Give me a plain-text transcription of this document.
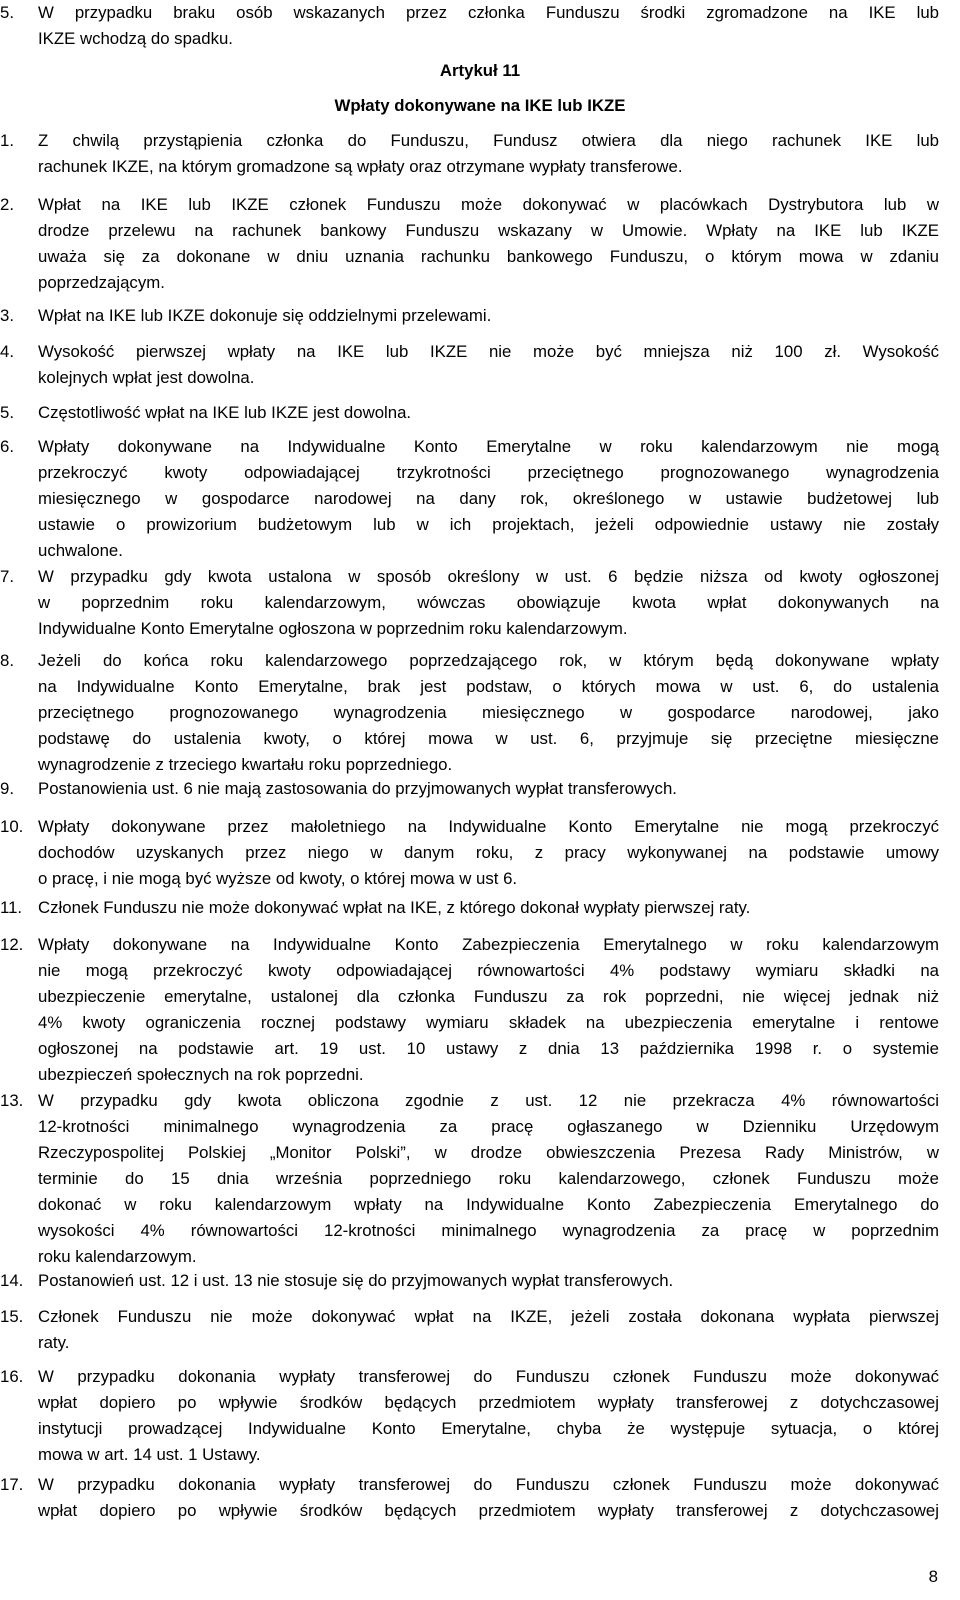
5.	W przypadku braku osób wskazanych przez członka Funduszu środki zgromadzone na IKE lub
IKZE wchodzą do spadku.
Artykuł 11
Wpłaty dokonywane na IKE lub IKZE
1.	Z chwilą przystąpienia członka do Funduszu, Fundusz otwiera dla niego rachunek IKE lub
rachunek IKZE, na którym gromadzone są wpłaty oraz otrzymane wypłaty transferowe.
2.	Wpłat na IKE lub IKZE członek Funduszu może dokonywać w placówkach Dystrybutora lub w
drodze przelewu na rachunek bankowy Funduszu wskazany w Umowie. Wpłaty na IKE lub IKZE
uważa się za dokonane w dniu uznania rachunku bankowego Funduszu, o którym mowa w zdaniu
poprzedzającym.
3.	Wpłat na IKE lub IKZE dokonuje się oddzielnymi przelewami.
4.	Wysokość pierwszej wpłaty na IKE lub IKZE nie może być mniejsza niż 100 zł. Wysokość
kolejnych wpłat jest dowolna.
5.	Częstotliwość wpłat na IKE lub IKZE jest dowolna.
6.	Wpłaty dokonywane na Indywidualne Konto Emerytalne w roku kalendarzowym nie mogą
przekroczyć kwoty odpowiadającej trzykrotności przeciętnego prognozowanego wynagrodzenia
miesięcznego w gospodarce narodowej na dany rok, określonego w ustawie budżetowej lub
ustawie o prowizorium budżetowym lub w ich projektach, jeżeli odpowiednie ustawy nie zostały
uchwalone.
7.	W przypadku gdy kwota ustalona w sposób określony w ust. 6 będzie niższa od kwoty ogłoszonej
w poprzednim roku kalendarzowym, wówczas obowiązuje kwota wpłat dokonywanych na
Indywidualne Konto Emerytalne ogłoszona w poprzednim roku kalendarzowym.
8.	Jeżeli do końca roku kalendarzowego poprzedzającego rok, w którym będą dokonywane wpłaty
na Indywidualne Konto Emerytalne, brak jest podstaw, o których mowa w ust. 6, do ustalenia
przeciętnego prognozowanego wynagrodzenia miesięcznego w gospodarce narodowej, jako
podstawę do ustalenia kwoty, o której mowa w ust. 6, przyjmuje się przeciętne miesięczne
wynagrodzenie z trzeciego kwartału roku poprzedniego.
9.	Postanowienia ust. 6 nie mają zastosowania do przyjmowanych wypłat transferowych.
10. Wpłaty dokonywane przez małoletniego na Indywidualne Konto Emerytalne nie mogą przekroczyć
dochodów uzyskanych przez niego w danym roku, z pracy wykonywanej na podstawie umowy
o pracę, i nie mogą być wyższe od kwoty, o której mowa w ust 6.
11. Członek Funduszu nie może dokonywać wpłat na IKE, z którego dokonał wypłaty pierwszej raty.
12. Wpłaty dokonywane na Indywidualne Konto Zabezpieczenia Emerytalnego w roku kalendarzowym
nie mogą przekroczyć kwoty odpowiadającej równowartości 4% podstawy wymiaru składki na
ubezpieczenie emerytalne, ustalonej dla członka Funduszu za rok poprzedni, nie więcej jednak niż
4% kwoty ograniczenia rocznej podstawy wymiaru składek na ubezpieczenia emerytalne i rentowe
ogłoszonej na podstawie art. 19 ust. 10 ustawy z dnia 13 października 1998 r. o systemie
ubezpieczeń społecznych na rok poprzedni.
13. W przypadku gdy kwota obliczona zgodnie z ust. 12 nie przekracza 4% równowartości
12-krotności minimalnego wynagrodzenia za pracę ogłaszanego w Dzienniku Urzędowym
Rzeczypospolitej Polskiej „Monitor Polski”, w drodze obwieszczenia Prezesa Rady Ministrów, w
terminie do 15 dnia września poprzedniego roku kalendarzowego, członek Funduszu może
dokonać w roku kalendarzowym wpłaty na Indywidualne Konto Zabezpieczenia Emerytalnego do
wysokości 4% równowartości 12-krotności minimalnego wynagrodzenia za pracę w poprzednim
roku kalendarzowym.
14. Postanowień ust. 12 i ust. 13 nie stosuje się do przyjmowanych wypłat transferowych.
15. Członek Funduszu nie może dokonywać wpłat na IKZE, jeżeli została dokonana wypłata pierwszej
raty.
16. W przypadku dokonania wypłaty transferowej do Funduszu członek Funduszu może dokonywać
wpłat dopiero po wpływie środków będących przedmiotem wypłaty transferowej z dotychczasowej
instytucji prowadzącej Indywidualne Konto Emerytalne, chyba że występuje sytuacja, o której
mowa w art. 14 ust. 1 Ustawy.
17. W przypadku dokonania wypłaty transferowej do Funduszu członek Funduszu może dokonywać
wpłat dopiero po wpływie środków będących przedmiotem wypłaty transferowej z dotychczasowej
8
